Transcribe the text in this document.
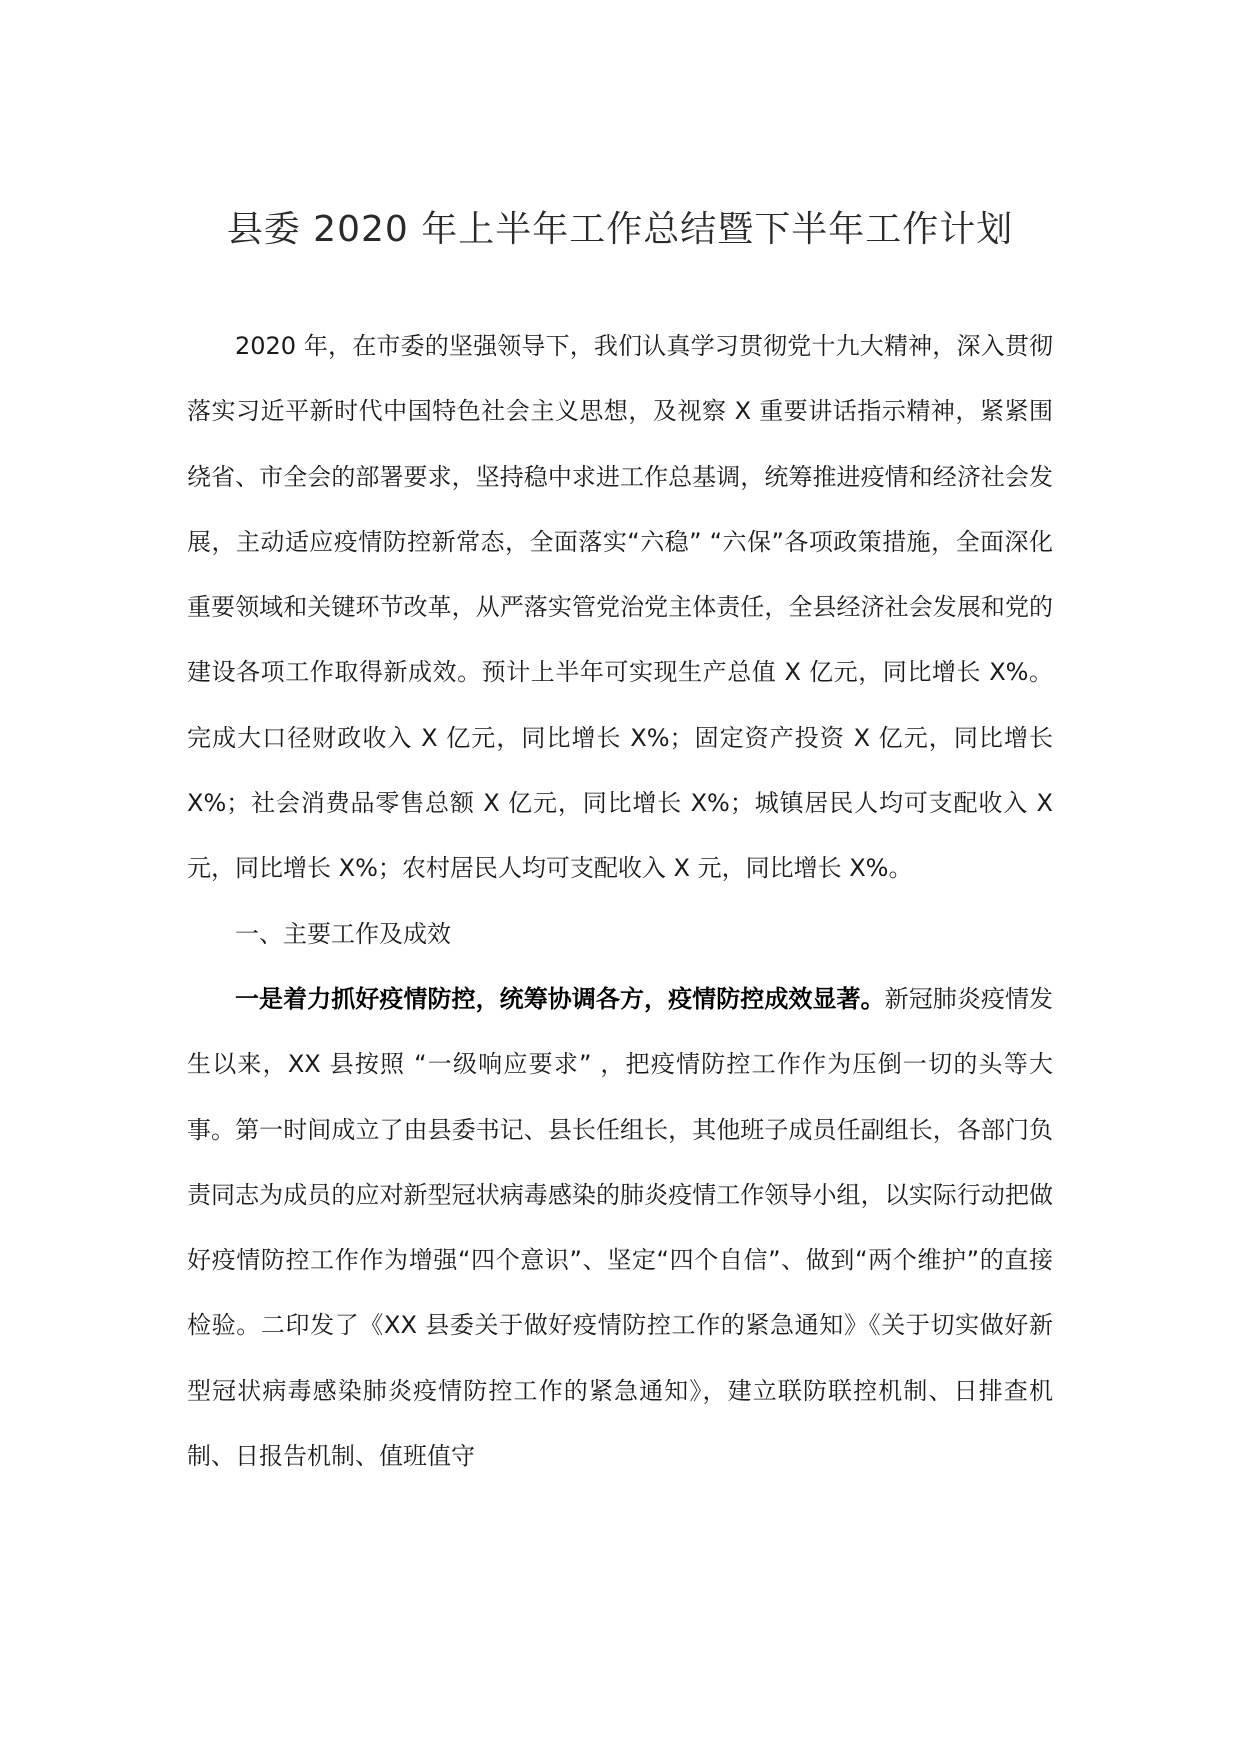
县委 2020 年上半年工作总结暨下半年工作计划

2020 年，在市委的坚强领导下，我们认真学习贯彻党十九大精神，深入贯彻落实习近平新时代中国特色社会主义思想，及视察 X 重要讲话指示精神，紧紧围绕省、市全会的部署要求，坚持稳中求进工作总基调，统筹推进疫情和经济社会发展，主动适应疫情防控新常态，全面落实“六稳” “六保”各项政策措施，全面深化重要领域和关键环节改革，从严落实管党治党主体责任，全县经济社会发展和党的建设各项工作取得新成效。预计上半年可实现生产总值 X 亿元，同比增长 X%。完成大口径财政收入 X 亿元，同比增长 X%；固定资产投资 X 亿元，同比增长 X%；社会消费品零售总额 X 亿元，同比增长 X%；城镇居民人均可支配收入 X 元，同比增长 X%；农村居民人均可支配收入 X 元，同比增长 X%。

一、主要工作及成效

一是着力抓好疫情防控，统筹协调各方，疫情防控成效显著。新冠肺炎疫情发生以来，XX 县按照 “一级响应要求” ，把疫情防控工作作为压倒一切的头等大事。第一时间成立了由县委书记、县长任组长，其他班子成员任副组长，各部门负责同志为成员的应对新型冠状病毒感染的肺炎疫情工作领导小组，以实际行动把做好疫情防控工作作为增强“四个意识”、坚定“四个自信”、做到“两个维护”的直接检验。二印发了《XX 县委关于做好疫情防控工作的紧急通知》《关于切实做好新型冠状病毒感染肺炎疫情防控工作的紧急通知》，建立联防联控机制、日排查机制、日报告机制、值班值守
